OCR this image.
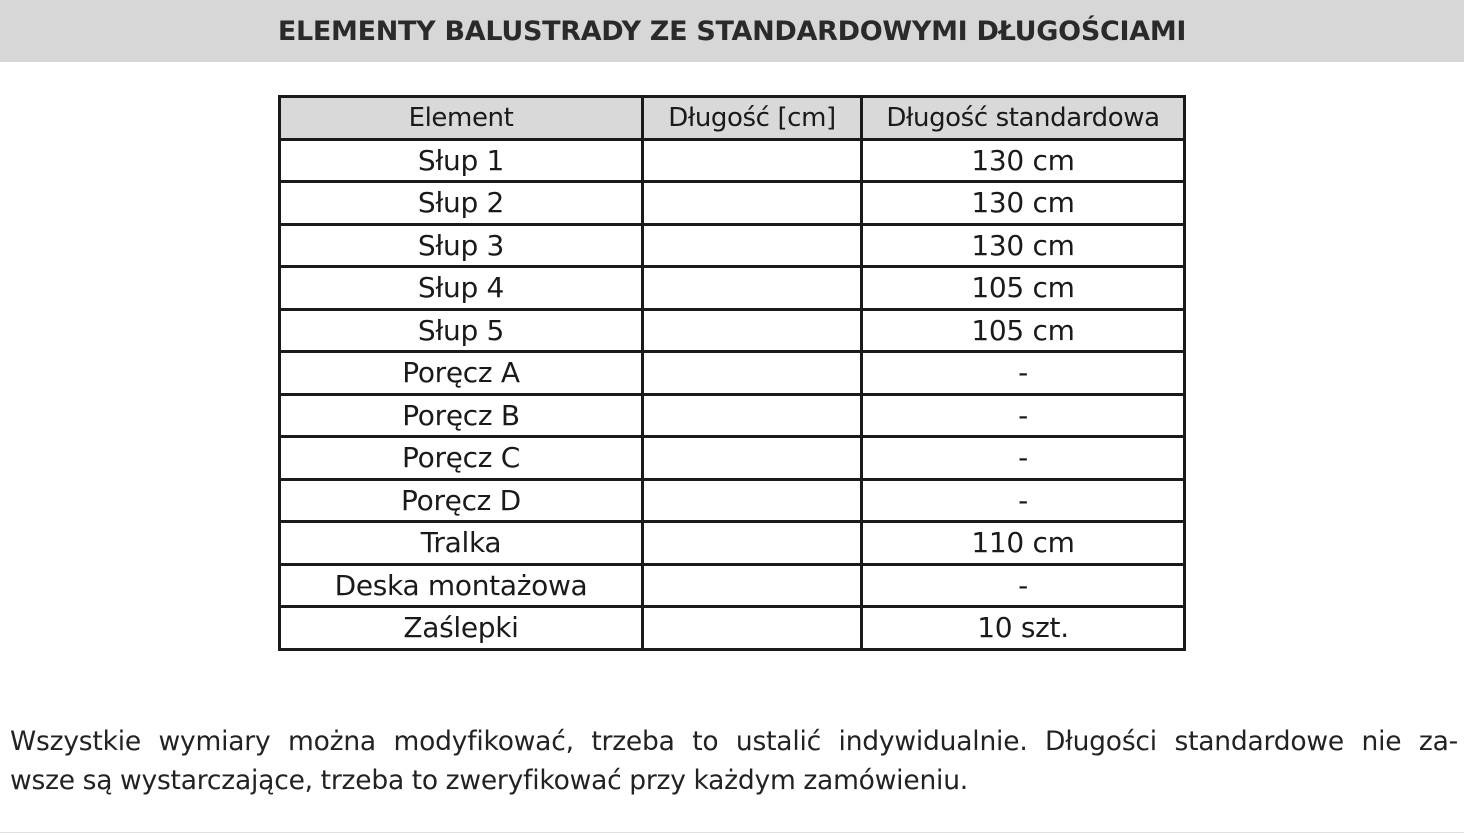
ELEMENTY BALUSTRADY ZE STANDARDOWYMI DŁUGOŚCIAMI
Element	Długość [cm]	Długość standardowa
Słup 1		130 cm
Słup 2		130 cm
Słup 3		130 cm
Słup 4		105 cm
Słup 5		105 cm
Poręcz A		-
Poręcz B		-
Poręcz C		-
Poręcz D		-
Tralka		110 cm
Deska montażowa		-
Zaślepki		10 szt.

Wszystkie wymiary można modyfikować, trzeba to ustalić indywidualnie. Długości standardowe nie za-
wsze są wystarczające, trzeba to zweryfikować przy każdym zamówieniu.
